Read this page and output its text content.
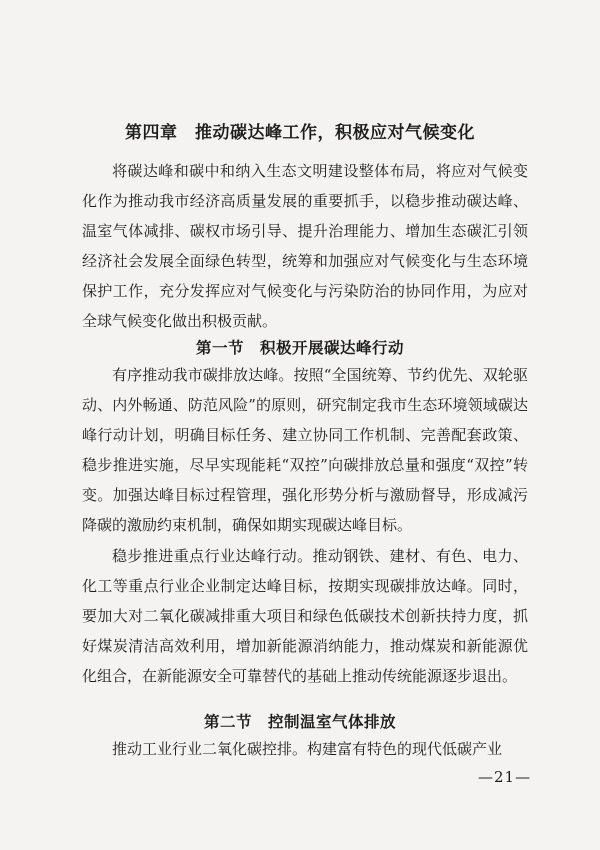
第四章　推动碳达峰工作，积极应对气候变化

将碳达峰和碳中和纳入生态文明建设整体布局，将应对气候变化作为推动我市经济高质量发展的重要抓手，以稳步推动碳达峰、温室气体减排、碳权市场引导、提升治理能力、增加生态碳汇引领经济社会发展全面绿色转型，统筹和加强应对气候变化与生态环境保护工作，充分发挥应对气候变化与污染防治的协同作用，为应对全球气候变化做出积极贡献。

第一节　积极开展碳达峰行动

有序推动我市碳排放达峰。按照“全国统筹、节约优先、双轮驱动、内外畅通、防范风险”的原则，研究制定我市生态环境领域碳达峰行动计划，明确目标任务、建立协同工作机制、完善配套政策、稳步推进实施，尽早实现能耗“双控”向碳排放总量和强度“双控”转变。加强达峰目标过程管理，强化形势分析与激励督导，形成减污降碳的激励约束机制，确保如期实现碳达峰目标。

稳步推进重点行业达峰行动。推动钢铁、建材、有色、电力、化工等重点行业企业制定达峰目标，按期实现碳排放达峰。同时，要加大对二氧化碳减排重大项目和绿色低碳技术创新扶持力度，抓好煤炭清洁高效利用，增加新能源消纳能力，推动煤炭和新能源优化组合，在新能源安全可靠替代的基础上推动传统能源逐步退出。

第二节　控制温室气体排放

推动工业行业二氧化碳控排。构建富有特色的现代低碳产业

—21—
